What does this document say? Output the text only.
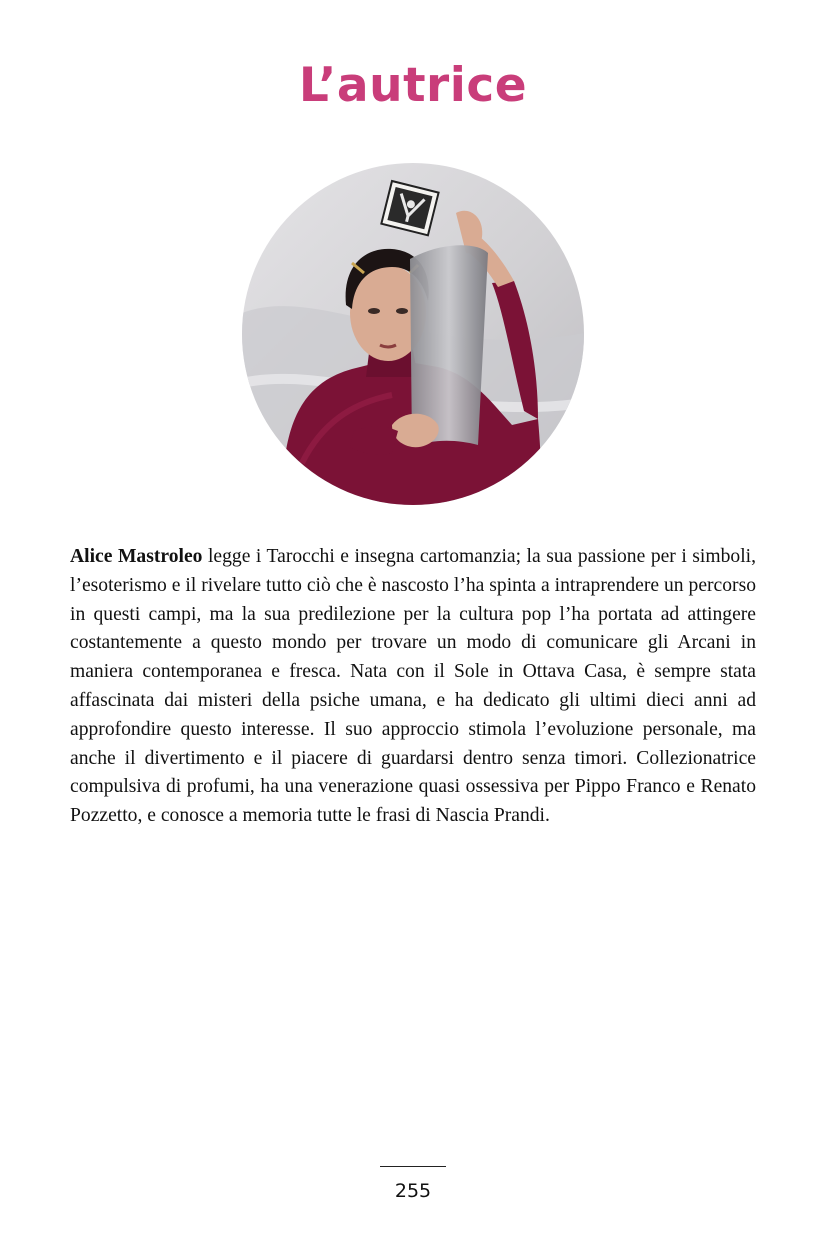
L’autrice

Alice Mastroleo legge i Tarocchi e insegna cartomanzia; la sua passione per i simboli, l’esoterismo e il rivelare tutto ciò che è nascosto l’ha spinta a intraprendere un percorso in questi campi, ma la sua predilezione per la cultura pop l’ha portata ad attingere costantemente a questo mondo per trovare un modo di comunicare gli Arcani in maniera contemporanea e fresca. Nata con il Sole in Ottava Casa, è sempre stata affascinata dai misteri della psiche umana, e ha dedicato gli ultimi dieci anni ad approfondire questo interesse. Il suo approccio stimola l’evoluzione personale, ma anche il divertimento e il piacere di guardarsi dentro senza timori. Collezionatrice compulsiva di profumi, ha una venerazione quasi ossessiva per Pippo Franco e Renato Pozzetto, e conosce a memoria tutte le frasi di Nascia Prandi.

255
